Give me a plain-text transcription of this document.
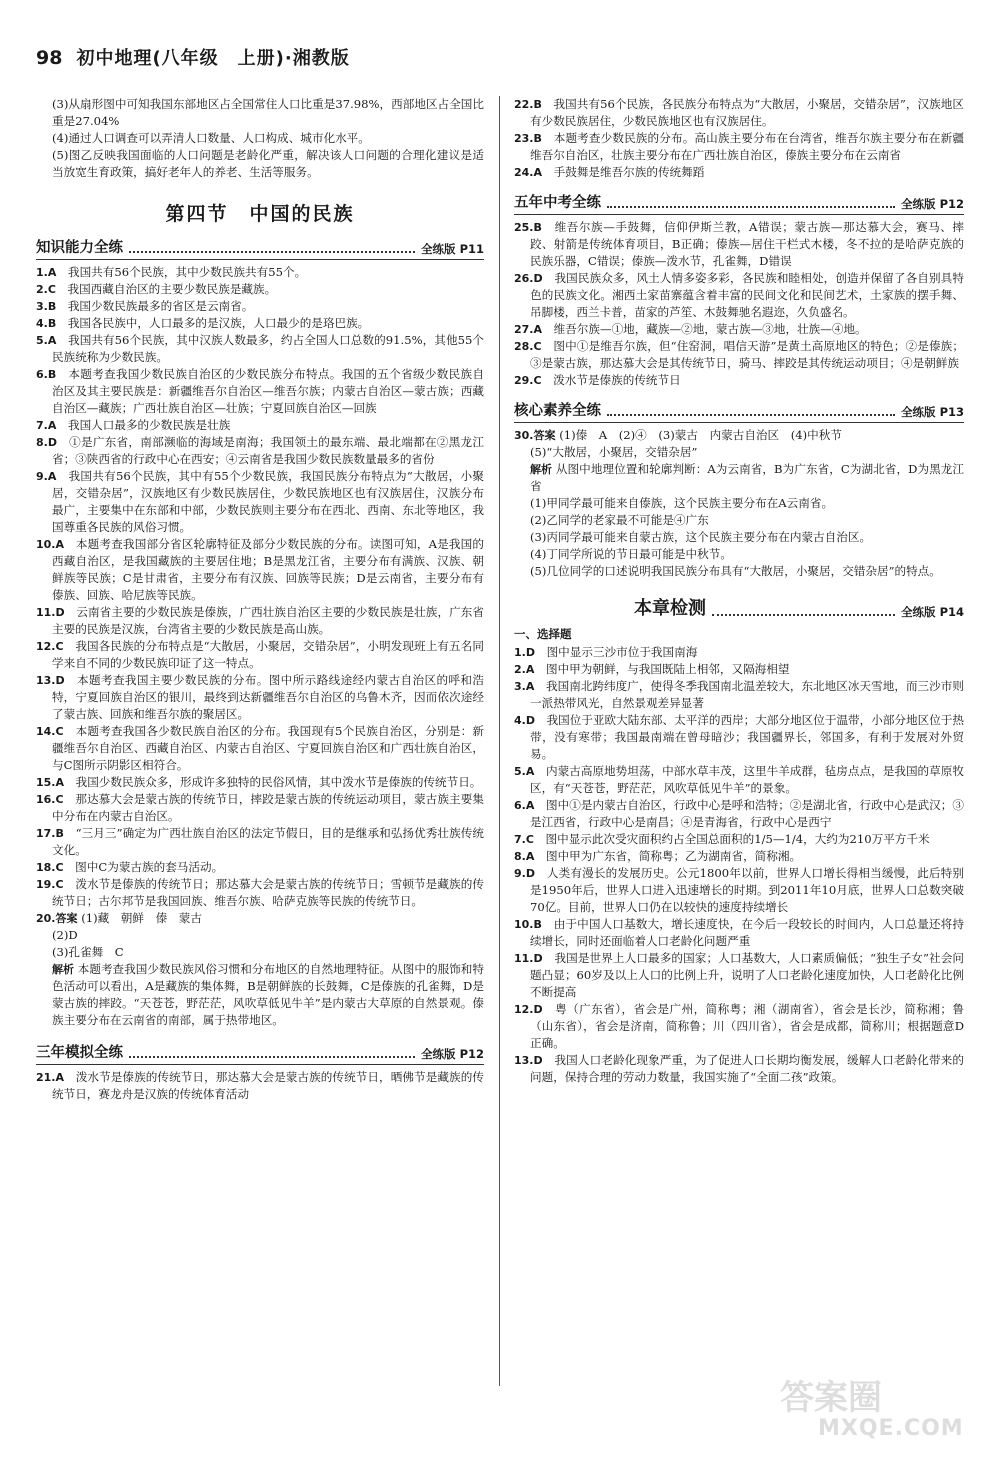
98 初中地理(八年级　上册)·湘教版

(3)从扇形图中可知我国东部地区占全国常住人口比重是37.98%，西部地区占全国比重是27.04%

(4)通过人口调查可以弄清人口数量、人口构成、城市化水平。

(5)图乙反映我国面临的人口问题是老龄化严重，解决该人口问题的合理化建议是适当放宽生育政策，搞好老年人的养老、生活等服务。

第四节　中国的民族
知识能力全练	全练版 P11

1.A　 我国共有56个民族，其中少数民族共有55个。

2.C　 我国西藏自治区的主要少数民族是藏族。

3.B　 我国少数民族最多的省区是云南省。

4.B　 我国各民族中，人口最多的是汉族，人口最少的是珞巴族。

5.A　 我国共有56个民族，其中汉族人数最多，约占全国人口总数的91.5%，其他55个民族统称为少数民族。

6.B　 本题考查我国少数民族自治区的少数民族分布特点。我国的五个省级少数民族自治区及其主要民族是：新疆维吾尔自治区—维吾尔族；内蒙古自治区—蒙古族；西藏自治区—藏族；广西壮族自治区—壮族；宁夏回族自治区—回族

7.A　 我国人口最多的少数民族是壮族

8.D　 ①是广东省，南部濒临的海域是南海；我国领土的最东端、最北端都在②黑龙江省；③陕西省的行政中心在西安；④云南省是我国少数民族数量最多的省份

9.A　 我国共有56个民族，其中有55个少数民族，我国民族分布特点为“大散居，小聚居，交错杂居”，汉族地区有少数民族居住，少数民族地区也有汉族居住，汉族分布最广，主要集中在东部和中部，少数民族则主要分布在西北、西南、东北等地区，我国尊重各民族的风俗习惯。

10.A　 本题考查我国部分省区轮廓特征及部分少数民族的分布。读图可知，A是我国的西藏自治区，是我国藏族的主要居住地；B是黑龙江省，主要分布有满族、汉族、朝鲜族等民族；C是甘肃省，主要分布有汉族、回族等民族；D是云南省，主要分布有傣族、回族、哈尼族等民族。

11.D　 云南省主要的少数民族是傣族，广西壮族自治区主要的少数民族是壮族，广东省主要的民族是汉族，台湾省主要的少数民族是高山族。

12.C　 我国各民族的分布特点是“大散居，小聚居，交错杂居”，小明发现班上有五名同学来自不同的少数民族印证了这一特点。

13.D　 本题考查我国主要少数民族的分布。图中所示路线途经内蒙古自治区的呼和浩特，宁夏回族自治区的银川，最终到达新疆维吾尔自治区的乌鲁木齐，因而依次途经了蒙古族、回族和维吾尔族的聚居区。

14.C　 本题考查我国各少数民族自治区的分布。我国现有5个民族自治区，分别是：新疆维吾尔自治区、西藏自治区、内蒙古自治区、宁夏回族自治区和广西壮族自治区，与C图所示阴影区相符合。

15.A　 我国少数民族众多，形成许多独特的民俗风情，其中泼水节是傣族的传统节日。

16.C　 那达慕大会是蒙古族的传统节日，摔跤是蒙古族的传统运动项目，蒙古族主要集中分布在内蒙古自治区。

17.B　 “三月三”确定为广西壮族自治区的法定节假日，目的是继承和弘扬优秀壮族传统文化。

18.C　 图中C为蒙古族的套马活动。

19.C　 泼水节是傣族的传统节日；那达慕大会是蒙古族的传统节日；雪顿节是藏族的传统节日；古尔邦节是我国回族、维吾尔族、哈萨克族等民族的传统节日。

20.答案 (1)藏　朝鲜　傣　蒙古

(2)D

(3)孔雀舞　C

解析 本题考查我国少数民族风俗习惯和分布地区的自然地理特征。从图中的服饰和特色活动可以看出，A是藏族的集体舞，B是朝鲜族的长鼓舞，C是傣族的孔雀舞，D是蒙古族的摔跤。“天苍苍，野茫茫，风吹草低见牛羊”是内蒙古大草原的自然景观。傣族主要分布在云南省的南部，属于热带地区。

三年模拟全练	全练版 P12

21.A　 泼水节是傣族的传统节日，那达慕大会是蒙古族的传统节日，晒佛节是藏族的传统节日，赛龙舟是汉族的传统体育活动

22.B　 我国共有56个民族，各民族分布特点为“大散居，小聚居，交错杂居”，汉族地区有少数民族居住，少数民族地区也有汉族居住。

23.B　 本题考查少数民族的分布。高山族主要分布在台湾省，维吾尔族主要分布在新疆维吾尔自治区，壮族主要分布在广西壮族自治区，傣族主要分布在云南省

24.A　 手鼓舞是维吾尔族的传统舞蹈

五年中考全练	全练版 P12

25.B　 维吾尔族—手鼓舞，信仰伊斯兰教，A错误；蒙古族—那达慕大会，赛马、摔跤、射箭是传统体育项目，B正确；傣族—居住干栏式木楼，冬不拉的是哈萨克族的民族乐器，C错误；傣族—泼水节，孔雀舞，D错误

26.D　 我国民族众多，风土人情多姿多彩，各民族和睦相处，创造并保留了各自别具特色的民族文化。湘西土家苗寨蕴含着丰富的民间文化和民间艺术，土家族的摆手舞、吊脚楼，西兰卡普，苗家的芦笙、木鼓舞驰名遐迩，久负盛名。

27.A　 维吾尔族—①地，藏族—②地，蒙古族—③地，壮族—④地。

28.C　 图中①是维吾尔族，但“住窑洞，唱信天游”是黄土高原地区的特色；②是傣族；③是蒙古族，那达慕大会是其传统节日，骑马、摔跤是其传统运动项目；④是朝鲜族

29.C　 泼水节是傣族的传统节日

核心素养全练	全练版 P13
30.答案 (1)傣　A　(2)④　(3)蒙古　内蒙古自治区　(4)中秋节

(5)“大散居，小聚居，交错杂居”

解析 从图中地理位置和轮廓判断：A为云南省，B为广东省，C为湖北省，D为黑龙江省

(1)甲同学最可能来自傣族，这个民族主要分布在A云南省。

(2)乙同学的老家最不可能是④广东

(3)丙同学最可能来自蒙古族，这个民族主要分布在内蒙古自治区。

(4)丁同学所说的节日最可能是中秋节。

(5)几位同学的口述说明我国民族分布具有“大散居，小聚居，交错杂居”的特点。

本章检测	全练版 P14
一、选择题

1.D　 图中显示三沙市位于我国南海

2.A　 图中甲为朝鲜，与我国既陆上相邻，又隔海相望

3.A　 我国南北跨纬度广，使得冬季我国南北温差较大，东北地区冰天雪地，而三沙市则一派热带风光，自然景观差异显著

4.D　 我国位于亚欧大陆东部、太平洋的西岸；大部分地区位于温带，小部分地区位于热带，没有寒带；我国最南端在曾母暗沙；我国疆界长，邻国多，有利于发展对外贸易。

5.A　 内蒙古高原地势坦荡，中部水草丰茂，这里牛羊成群，毡房点点，是我国的草原牧区，有“天苍苍，野茫茫，风吹草低见牛羊”的景象。

6.A　 图中①是内蒙古自治区，行政中心是呼和浩特；②是湖北省，行政中心是武汉；③是江西省，行政中心是南昌；④是青海省，行政中心是西宁

7.C　 图中显示此次受灾面积约占全国总面积的1/5—1/4，大约为210万平方千米

8.A　 图中甲为广东省，简称粤；乙为湖南省，简称湘。

9.D　 人类有漫长的发展历史。公元1800年以前，世界人口增长得相当缓慢，此后特别是1950年后，世界人口进入迅速增长的时期。到2011年10月底，世界人口总数突破70亿。目前，世界人口仍在以较快的速度持续增长

10.B　 由于中国人口基数大，增长速度快，在今后一段较长的时间内，人口总量还将持续增长，同时还面临着人口老龄化问题严重

11.D　 我国是世界上人口最多的国家；人口基数大，人口素质偏低；“独生子女”社会问题凸显；60岁及以上人口的比例上升，说明了人口老龄化速度加快，人口老龄化比例不断提高

12.D　 粤（广东省），省会是广州，简称粤；湘（湖南省），省会是长沙，简称湘；鲁（山东省），省会是济南，简称鲁；川（四川省），省会是成都，简称川；根据题意D正确。

13.D　 我国人口老龄化现象严重，为了促进人口长期均衡发展，缓解人口老龄化带来的问题，保持合理的劳动力数量，我国实施了“全面二孩”政策。

答案圈
MXQE.COM
